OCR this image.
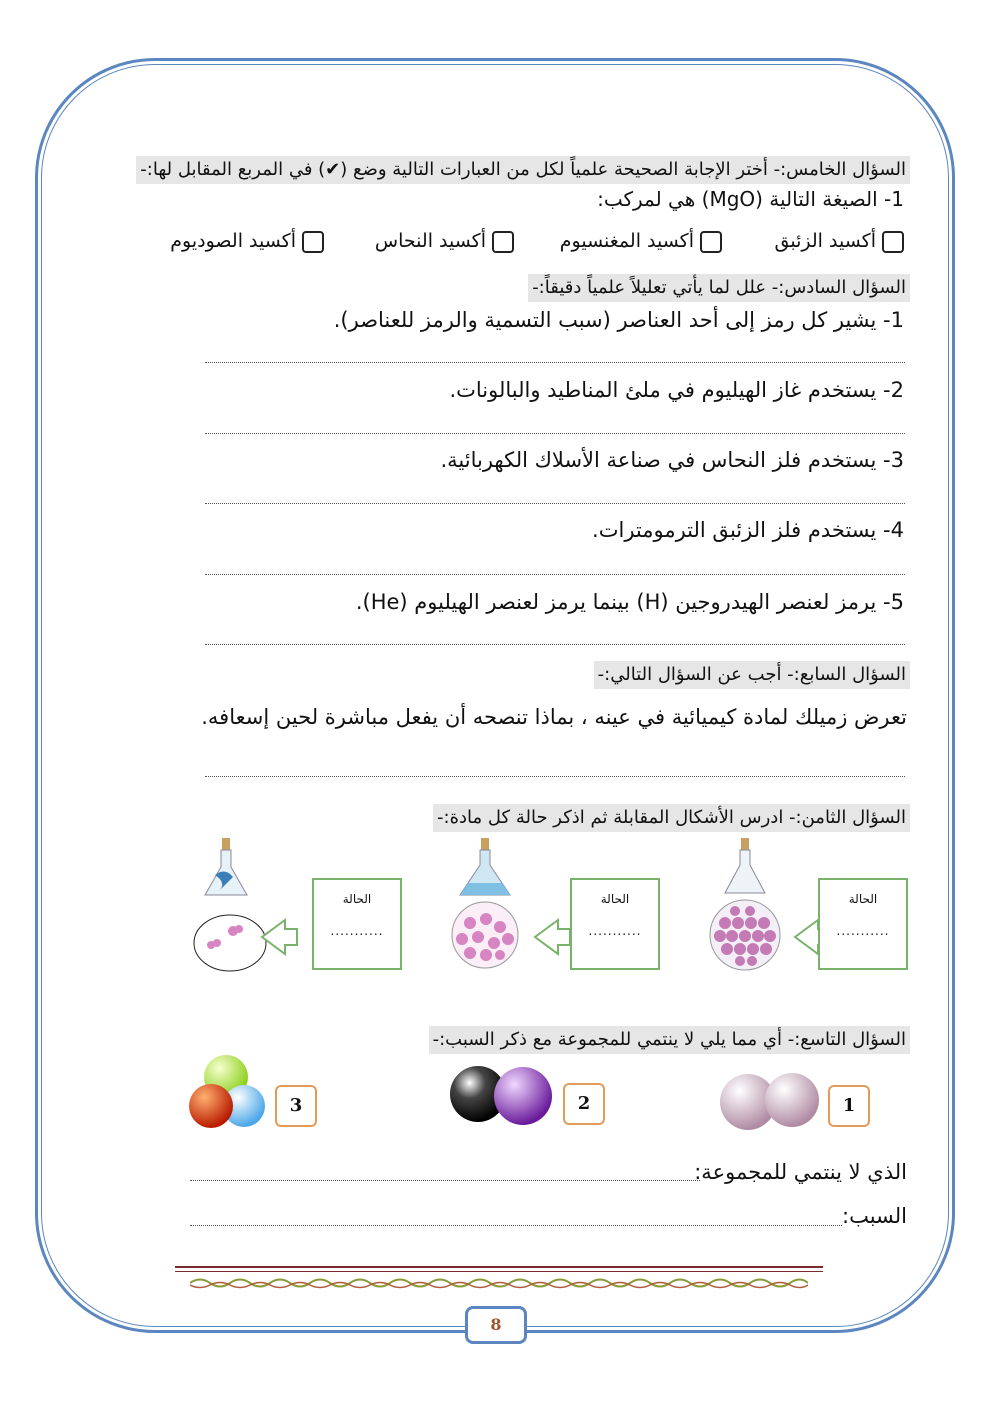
السؤال الخامس:- أختر الإجابة الصحيحة علمياً لكل من العبارات التالية وضع (✔) في المربع المقابل لها:-
1- الصيغة التالية (MgO) هي لمركب:
أكسيد الزئبق
أكسيد المغنسيوم
أكسيد النحاس
أكسيد الصوديوم
السؤال السادس:- علل لما يأتي تعليلاً علمياً دقيقاً:-
1- يشير كل رمز إلى أحد العناصر (سبب التسمية والرمز للعناصر).
2- يستخدم غاز الهيليوم في ملئ المناطيد والبالونات.
3- يستخدم فلز النحاس في صناعة الأسلاك الكهربائية.
4- يستخدم فلز الزئبق الترمومترات.
5- يرمز لعنصر الهيدروجين (H) بينما يرمز لعنصر الهيليوم (He).
السؤال السابع:- أجب عن السؤال التالي:-
تعرض زميلك لمادة كيميائية في عينه ، بماذا تنصحه أن يفعل مباشرة لحين إسعافه.
السؤال الثامن:- ادرس الأشكال المقابلة ثم اذكر حالة كل مادة:-
الحالة
...........
الحالة
...........
الحالة
...........
السؤال التاسع:- أي مما يلي لا ينتمي للمجموعة مع ذكر السبب:-
1
2
3
الذي لا ينتمي للمجموعة:
السبب:
8
